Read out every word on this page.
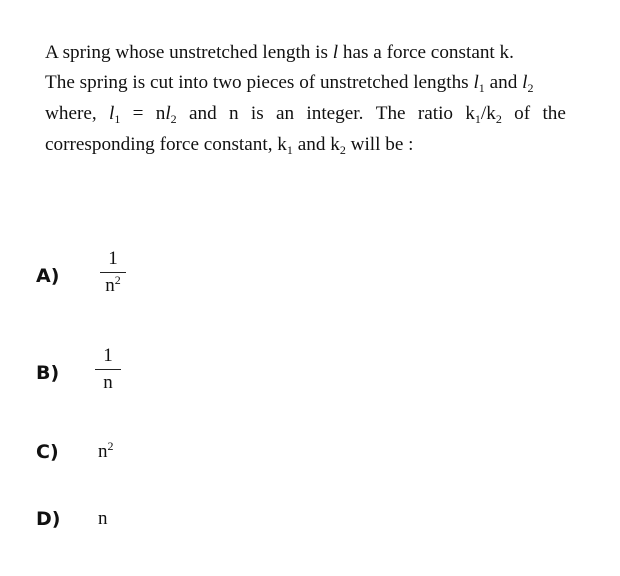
A spring whose unstretched length is l has a force constant k.
The spring is cut into two pieces of unstretched lengths $l_1$ and $l_2$
where, $l_1 = nl_2$ and n is an integer. The ratio $k_1/k_2$ of the
corresponding force constant, $k_1$ and $k_2$ will be :
A)
1
$n^2$
B)
1
n
C) $n^2$
D) n
